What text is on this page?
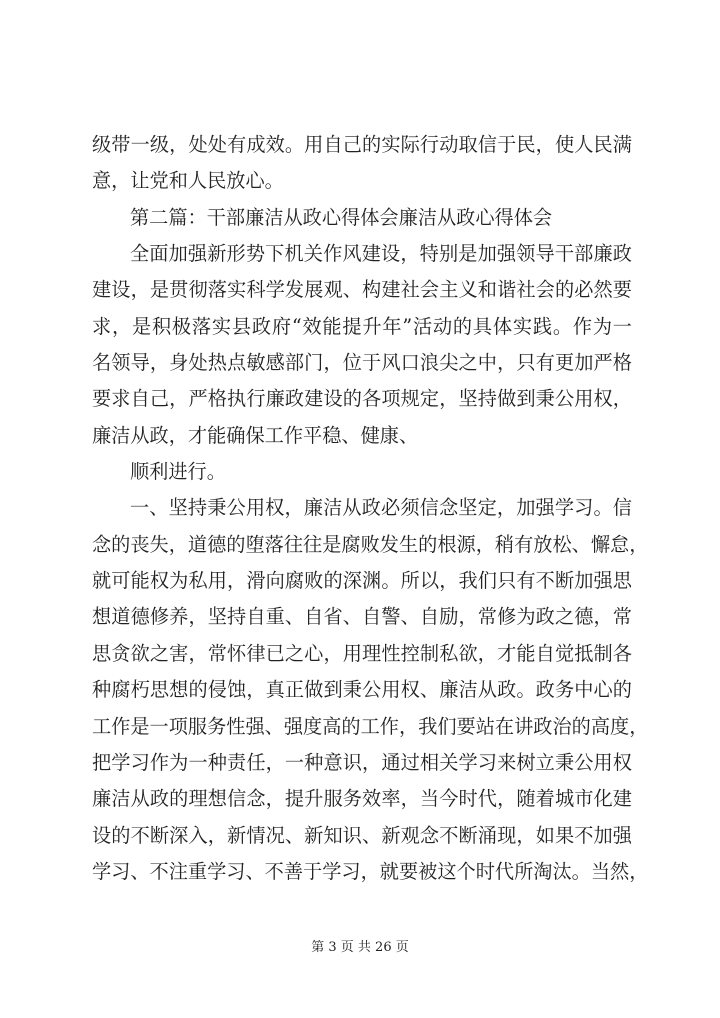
级带一级，处处有成效。用自己的实际行动取信于民，使人民满
意，让党和人民放心。
第二篇：干部廉洁从政心得体会廉洁从政心得体会
全面加强新形势下机关作风建设，特别是加强领导干部廉政
建设，是贯彻落实科学发展观、构建社会主义和谐社会的必然要
求，是积极落实县政府“效能提升年”活动的具体实践。作为一
名领导，身处热点敏感部门，位于风口浪尖之中，只有更加严格
要求自己，严格执行廉政建设的各项规定，坚持做到秉公用权，
廉洁从政，才能确保工作平稳、健康、
顺利进行。
一、坚持秉公用权，廉洁从政必须信念坚定，加强学习。信
念的丧失，道德的堕落往往是腐败发生的根源，稍有放松、懈怠，
就可能权为私用，滑向腐败的深渊。所以，我们只有不断加强思
想道德修养，坚持自重、自省、自警、自励，常修为政之德，常
思贪欲之害，常怀律已之心，用理性控制私欲，才能自觉抵制各
种腐朽思想的侵蚀，真正做到秉公用权、廉洁从政。政务中心的
工作是一项服务性强、强度高的工作，我们要站在讲政治的高度，
把学习作为一种责任，一种意识，通过相关学习来树立秉公用权
廉洁从政的理想信念，提升服务效率，当今时代，随着城市化建
设的不断深入，新情况、新知识、新观念不断涌现，如果不加强
学习、不注重学习、不善于学习，就要被这个时代所淘汰。当然，
第 3 页 共 26 页
